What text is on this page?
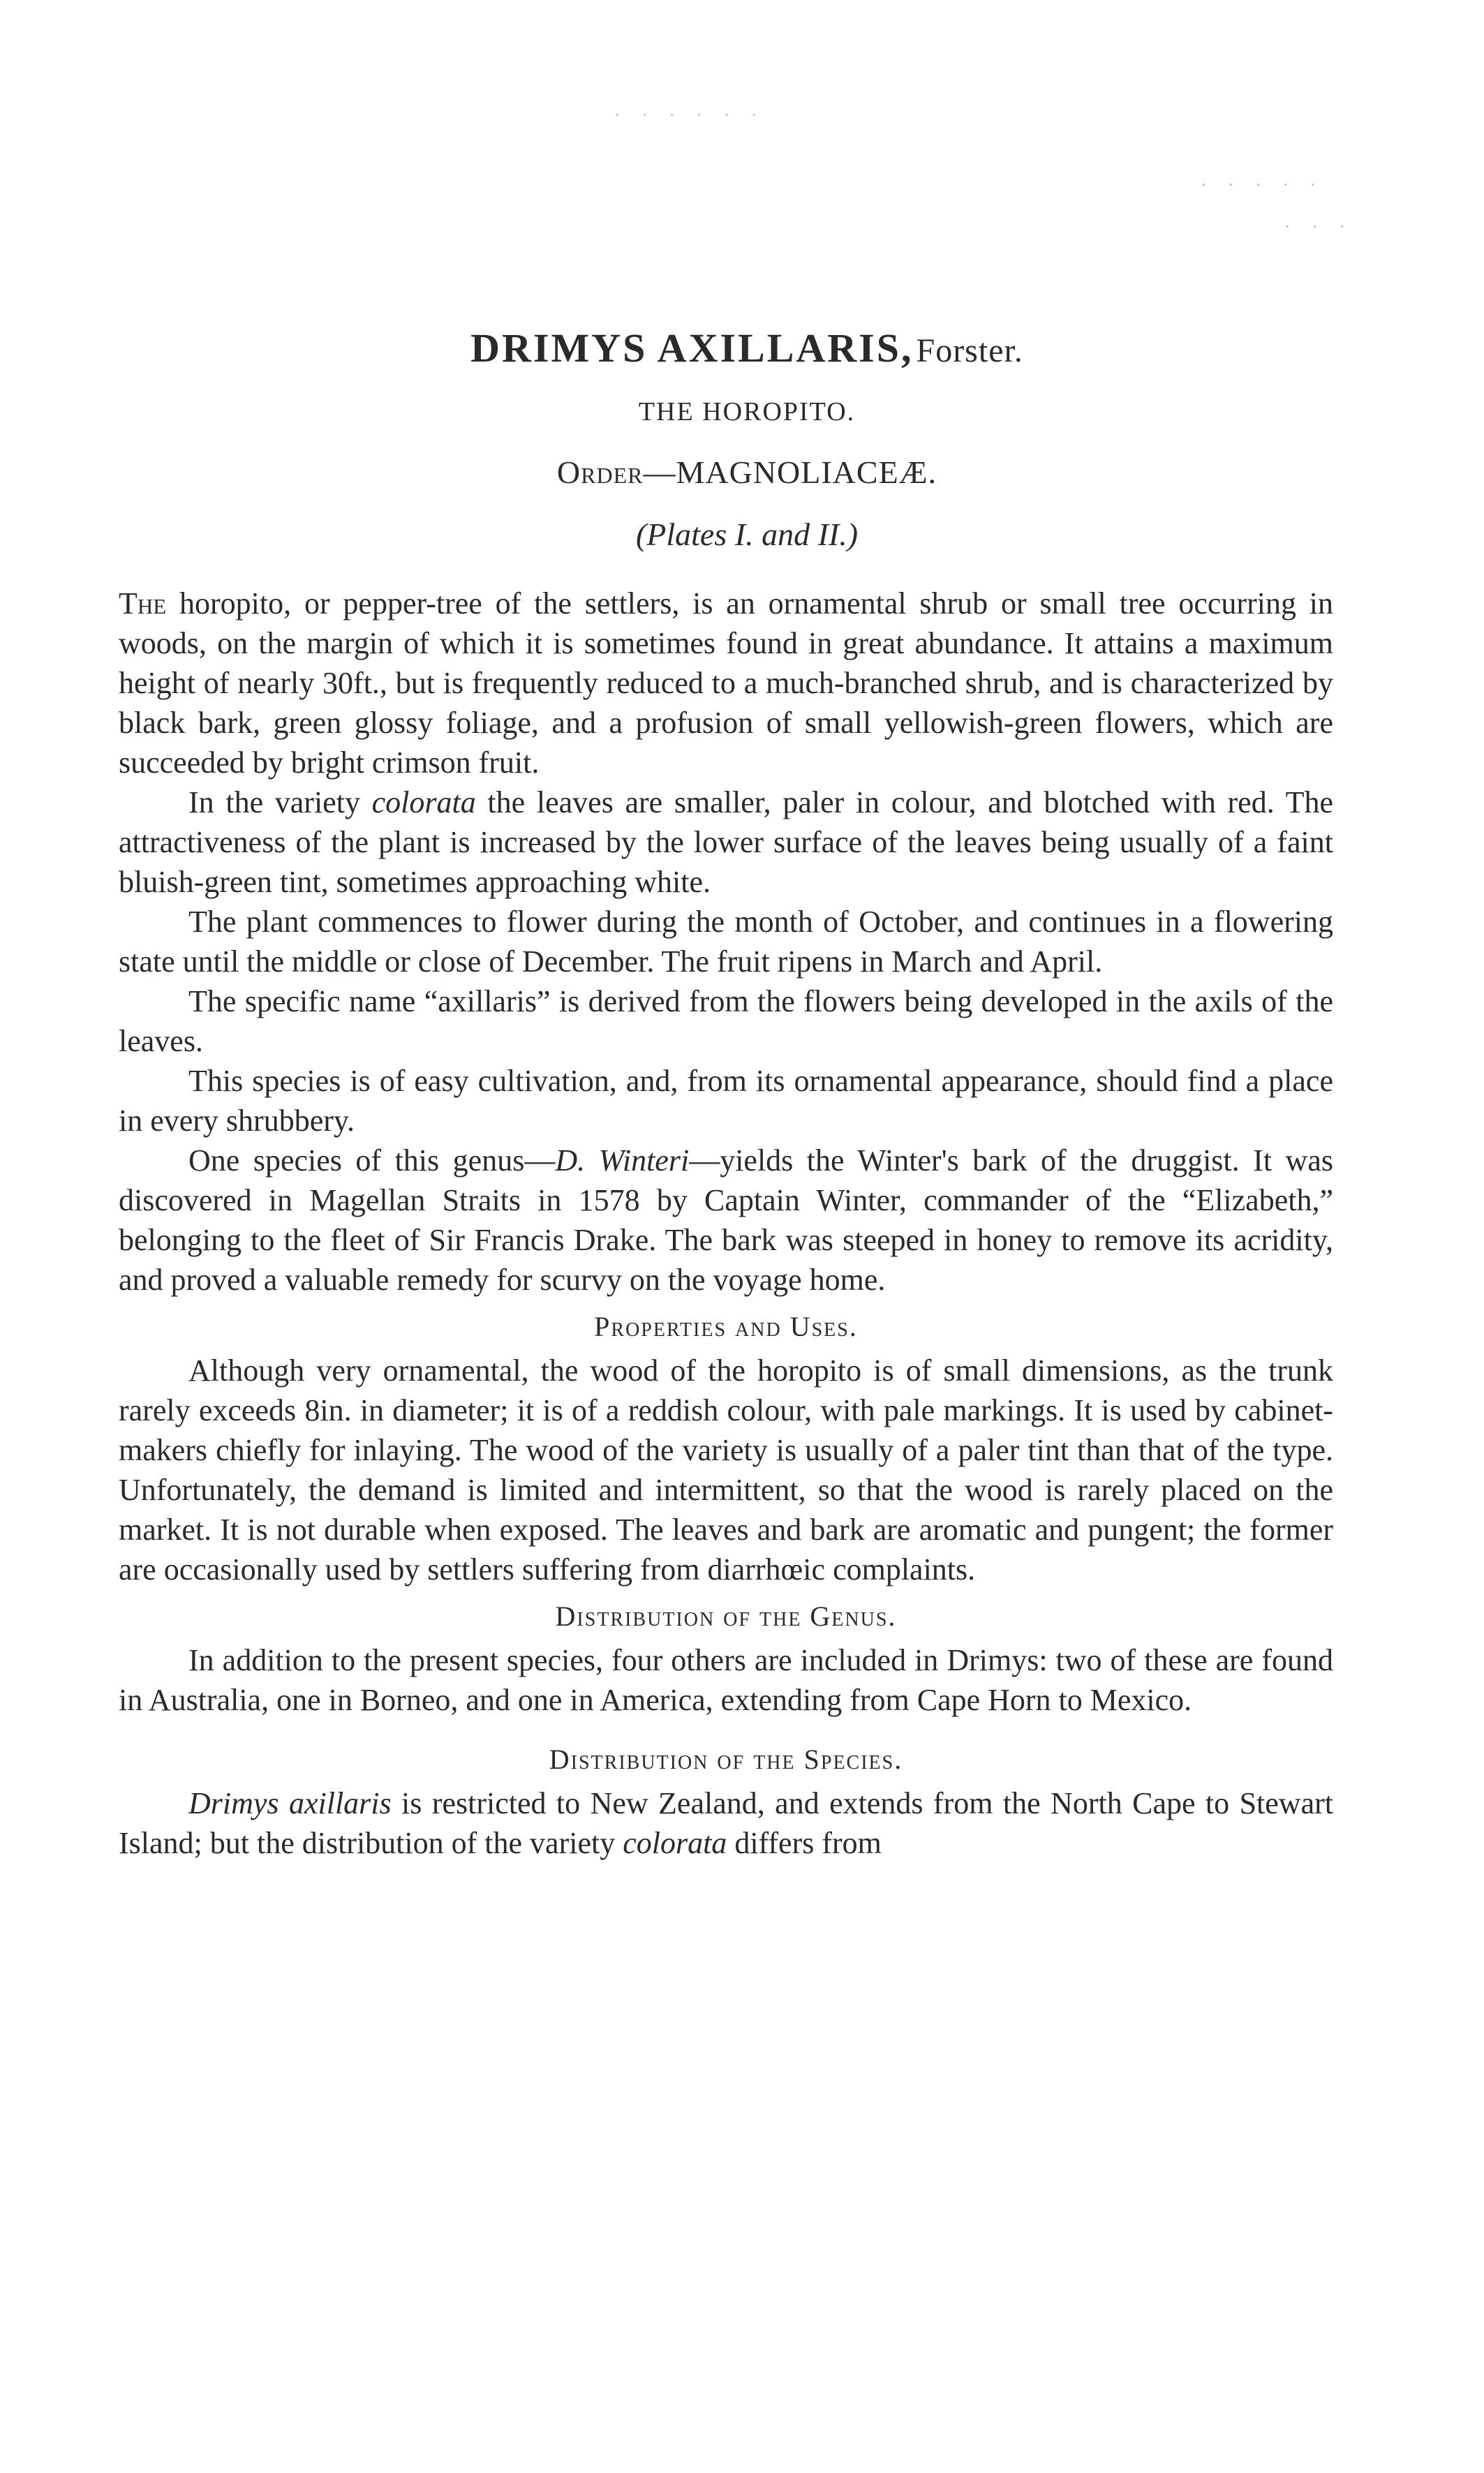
· · · · · ·
· · · · ·
· · ·
DRIMYS AXILLARIS, Forster.
THE HOROPITO.
Order—MAGNOLIACEÆ.
(Plates I. and II.)

The horopito, or pepper-tree of the settlers, is an ornamental shrub or small tree occurring in woods, on the margin of which it is sometimes found in great abundance. It attains a maximum height of nearly 30ft., but is frequently reduced to a much-branched shrub, and is characterized by black bark, green glossy foliage, and a profusion of small yellowish-green flowers, which are succeeded by bright crimson fruit.

In the variety colorata the leaves are smaller, paler in colour, and blotched with red. The attractiveness of the plant is increased by the lower surface of the leaves being usually of a faint bluish-green tint, sometimes approaching white.

The plant commences to flower during the month of October, and continues in a flowering state until the middle or close of December. The fruit ripens in March and April.

The specific name “axillaris” is derived from the flowers being developed in the axils of the leaves.

This species is of easy cultivation, and, from its ornamental appearance, should find a place in every shrubbery.

One species of this genus—D. Winteri—yields the Winter's bark of the druggist. It was discovered in Magellan Straits in 1578 by Captain Winter, commander of the “Elizabeth,” belonging to the fleet of Sir Francis Drake. The bark was steeped in honey to remove its acridity, and proved a valuable remedy for scurvy on the voyage home.

Properties and Uses.

Although very ornamental, the wood of the horopito is of small dimensions, as the trunk rarely exceeds 8in. in diameter; it is of a reddish colour, with pale markings. It is used by cabinet-makers chiefly for inlaying. The wood of the variety is usually of a paler tint than that of the type. Unfortunately, the demand is limited and intermittent, so that the wood is rarely placed on the market. It is not durable when exposed. The leaves and bark are aromatic and pungent; the former are occasionally used by settlers suffering from diarrhœic complaints.

Distribution of the Genus.

In addition to the present species, four others are included in Drimys: two of these are found in Australia, one in Borneo, and one in America, extending from Cape Horn to Mexico.

Distribution of the Species.

Drimys axillaris is restricted to New Zealand, and extends from the North Cape to Stewart Island; but the distribution of the variety colorata differs from
